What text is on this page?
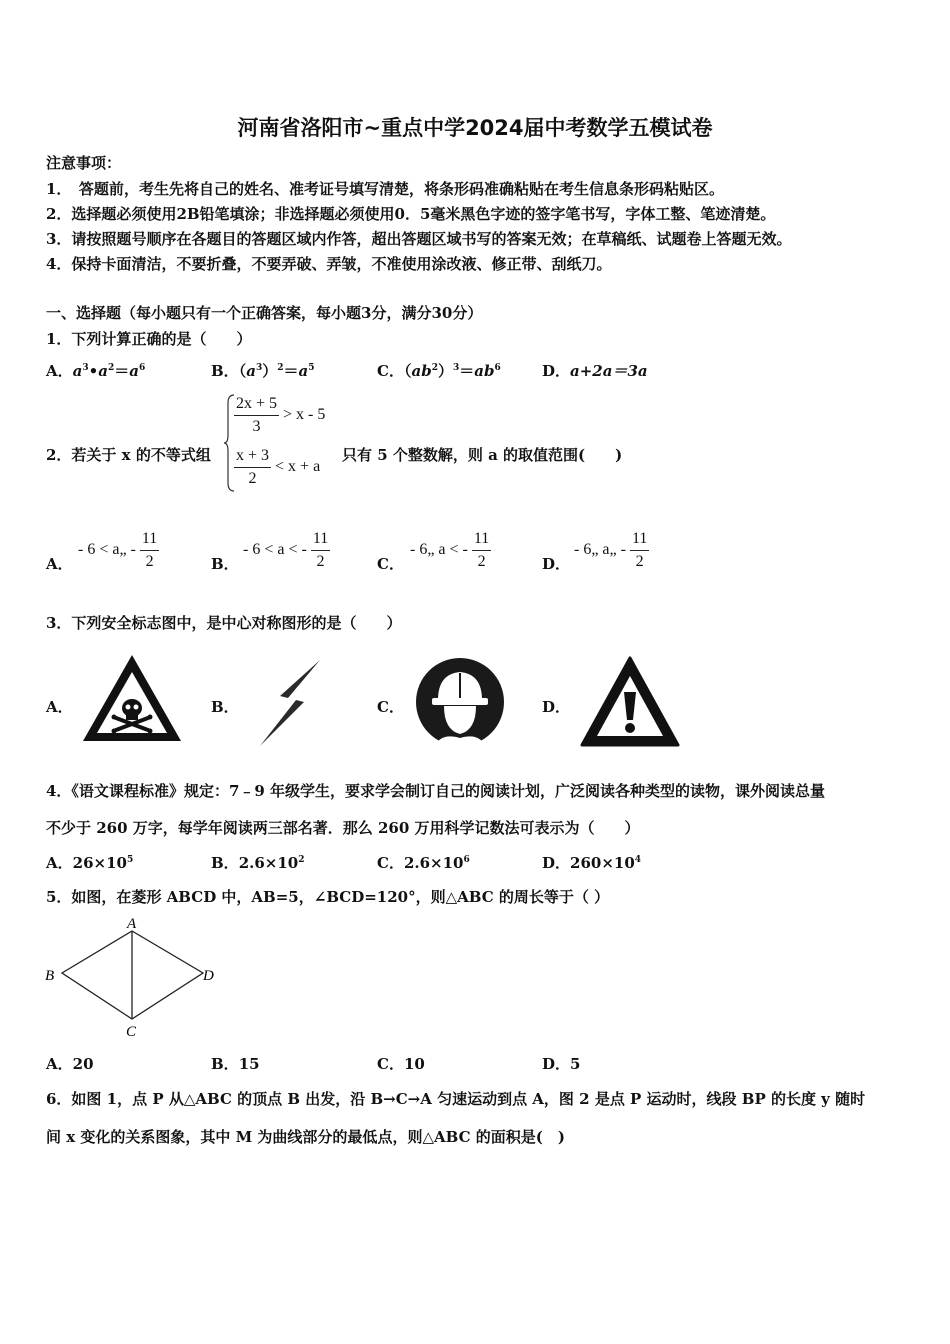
河南省洛阳市~重点中学2024届中考数学五模试卷
注意事项：
1．　答题前，考生先将自己的姓名、准考证号填写清楚，将条形码准确粘贴在考生信息条形码粘贴区。
2．选择题必须使用2B铅笔填涂；非选择题必须使用0．5毫米黑色字迹的签字笔书写，字体工整、笔迹清楚。
3．请按照题号顺序在各题目的答题区域内作答，超出答题区域书写的答案无效；在草稿纸、试题卷上答题无效。
4．保持卡面清洁，不要折叠，不要弄破、弄皱，不准使用涂改液、修正带、刮纸刀。
一、选择题（每小题只有一个正确答案，每小题3分，满分30分）
1．下列计算正确的是（　　）
A．$a^3•a^2=a^6$	B．$(a^3)^2=a^5$	C．$(ab^2)^3=ab^6$	D．a+2a＝3a
2．若关于 x 的不等式组
$\frac{2x + 5}{3} > x - 5$
$\frac{x + 3}{2} < x + a$
只有 5 个整数解，则 a 的取值范围(　　)
A．
- 6 < a„ - $\frac{11}{2}$	B．
- 6 < a < - $\frac{11}{2}$	C．
- 6„ a < - $\frac{11}{2}$	D．
- 6„ a„ - $\frac{11}{2}$
3．下列安全标志图中，是中心对称图形的是（　　）
A．	B．	C．	D．
4．《语文课程标准》规定：7﹣9 年级学生，要求学会制订自己的阅读计划，广泛阅读各种类型的读物，课外阅读总量
不少于 260 万字，每学年阅读两三部名著．那么 260 万用科学记数法可表示为（　　）
A．$26\times 10^5$	B．$2.6\times 10^2$	C．$2.6\times 10^6$	D．$260\times 10^4$
5．如图，在菱形 ABCD 中，AB=5，∠BCD=120°，则△ABC 的周长等于（ ）
A
B
C
D
A．20	B．15	C．10	D．5
6．如图 1，点 P 从△ABC 的顶点 B 出发，沿 B→C→A 匀速运动到点 A，图 2 是点 P 运动时，线段 BP 的长度 y 随时
间 x 变化的关系图象，其中 M 为曲线部分的最低点，则△ABC 的面积是(　)
